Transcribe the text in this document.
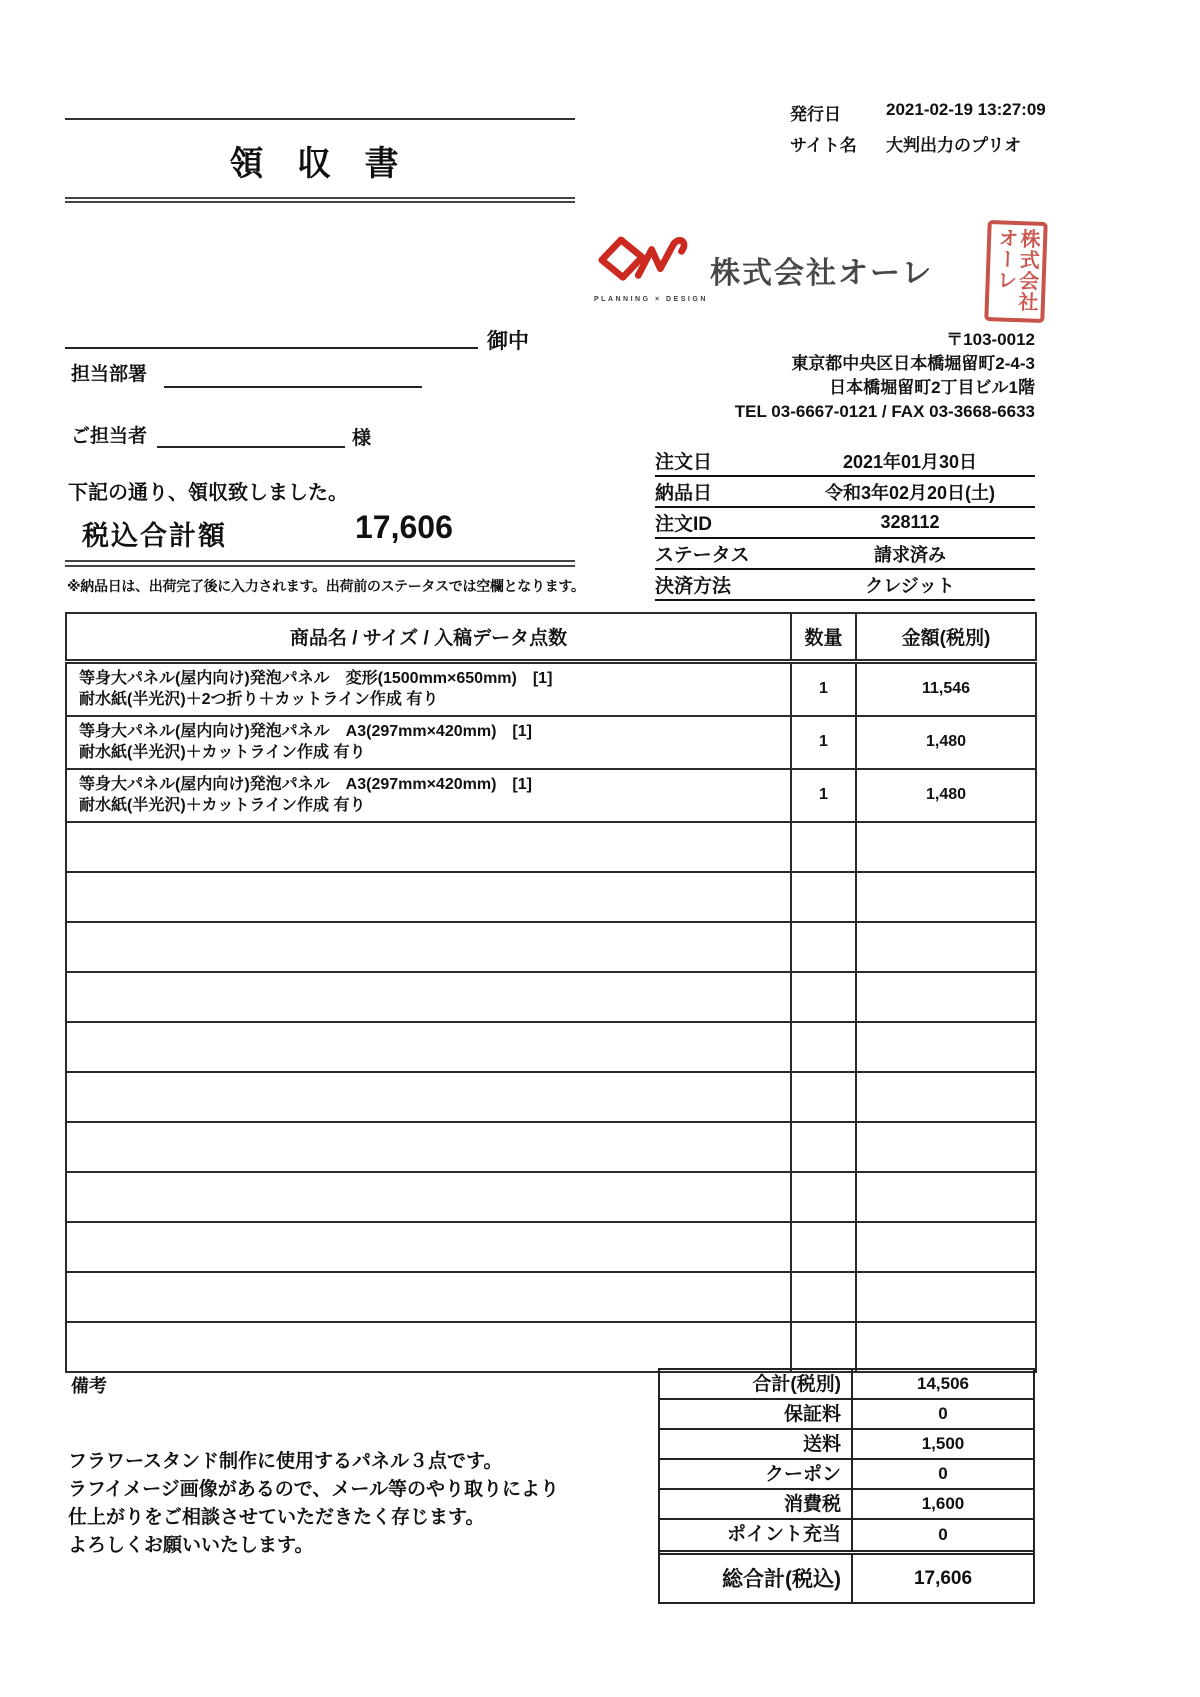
発行日	2021-02-19 13:27:09
サイト名	大判出力のプリオ
領 収 書
PLANNING × DESIGN
株式会社オーレ	株式会社
オーレ
〒103-0012
東京都中央区日本橋堀留町2-4-3
日本橋堀留町2丁目ビル1階
TEL 03-6667-0121 / FAX 03-3668-6633
御中
担当部署
ご担当者	様
下記の通り、領収致しました。
税込合計額	17,606
※納品日は、出荷完了後に入力されます。出荷前のステータスでは空欄となります。
注文日	2021年01月30日
納品日	令和3年02月20日(土)
注文ID	328112
ステータス	請求済み
決済方法	クレジット
商品名 / サイズ / 入稿データ点数	数量	金額(税別)

等身大パネル(屋内向け)発泡パネル　変形(1500mm×650mm)　[1]
耐水紙(半光沢)＋2つ折り＋カットライン作成 有り	1	11,546

等身大パネル(屋内向け)発泡パネル　A3(297mm×420mm)　[1]
耐水紙(半光沢)＋カットライン作成 有り	1	1,480

等身大パネル(屋内向け)発泡パネル　A3(297mm×420mm)　[1]
耐水紙(半光沢)＋カットライン作成 有り	1	1,480

備考
フラワースタンド制作に使用するパネル３点です。
ラフイメージ画像があるので、メール等のやり取りにより
仕上がりをご相談させていただきたく存じます。
よろしくお願いいたします。
合計(税別)	14,506
保証料	0
送料	1,500
クーポン	0
消費税	1,600
ポイント充当	0
総合計(税込)	17,606
